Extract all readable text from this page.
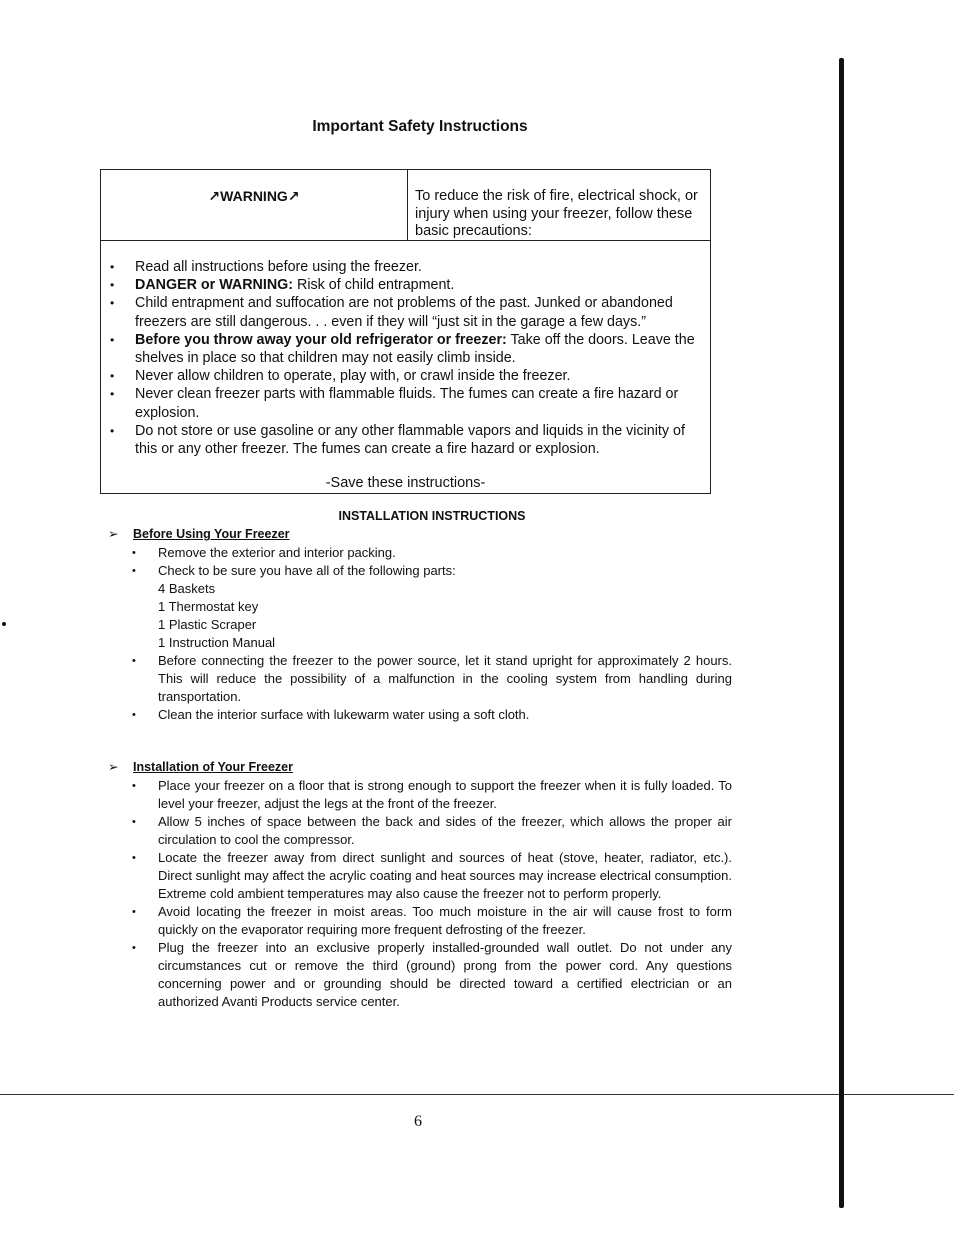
Important Safety Instructions
↗WARNING↗	To reduce the risk of fire, electrical shock, or injury when using your freezer, follow these basic precautions:
• Read all instructions before using the freezer.
• DANGER or WARNING: Risk of child entrapment.
• Child entrapment and suffocation are not problems of the past. Junked or abandoned freezers are still dangerous. . . even if they will “just sit in the garage a few days.”
• Before you throw away your old refrigerator or freezer: Take off the doors. Leave the shelves in place so that children may not easily climb inside.
• Never allow children to operate, play with, or crawl inside the freezer.
• Never clean freezer parts with flammable fluids. The fumes can create a fire hazard or explosion.
• Do not store or use gasoline or any other flammable vapors and liquids in the vicinity of this or any other freezer. The fumes can create a fire hazard or explosion.
-Save these instructions-
INSTALLATION INSTRUCTIONS
➢ Before Using Your Freezer
• Remove the exterior and interior packing.
• Check to be sure you have all of the following parts:
4 Baskets
1 Thermostat key
1 Plastic Scraper
1 Instruction Manual
• Before connecting the freezer to the power source, let it stand upright for approximately 2 hours. This will reduce the possibility of a malfunction in the cooling system from handling during transportation.
• Clean the interior surface with lukewarm water using a soft cloth.
➢ Installation of Your Freezer
• Place your freezer on a floor that is strong enough to support the freezer when it is fully loaded. To level your freezer, adjust the legs at the front of the freezer.
• Allow 5 inches of space between the back and sides of the freezer, which allows the proper air circulation to cool the compressor.
• Locate the freezer away from direct sunlight and sources of heat (stove, heater, radiator, etc.). Direct sunlight may affect the acrylic coating and heat sources may increase electrical consumption. Extreme cold ambient temperatures may also cause the freezer not to perform properly.
• Avoid locating the freezer in moist areas. Too much moisture in the air will cause frost to form quickly on the evaporator requiring more frequent defrosting of the freezer.
• Plug the freezer into an exclusive properly installed-grounded wall outlet. Do not under any circumstances cut or remove the third (ground) prong from the power cord. Any questions concerning power and or grounding should be directed toward a certified electrician or an authorized Avanti Products service center.
6
